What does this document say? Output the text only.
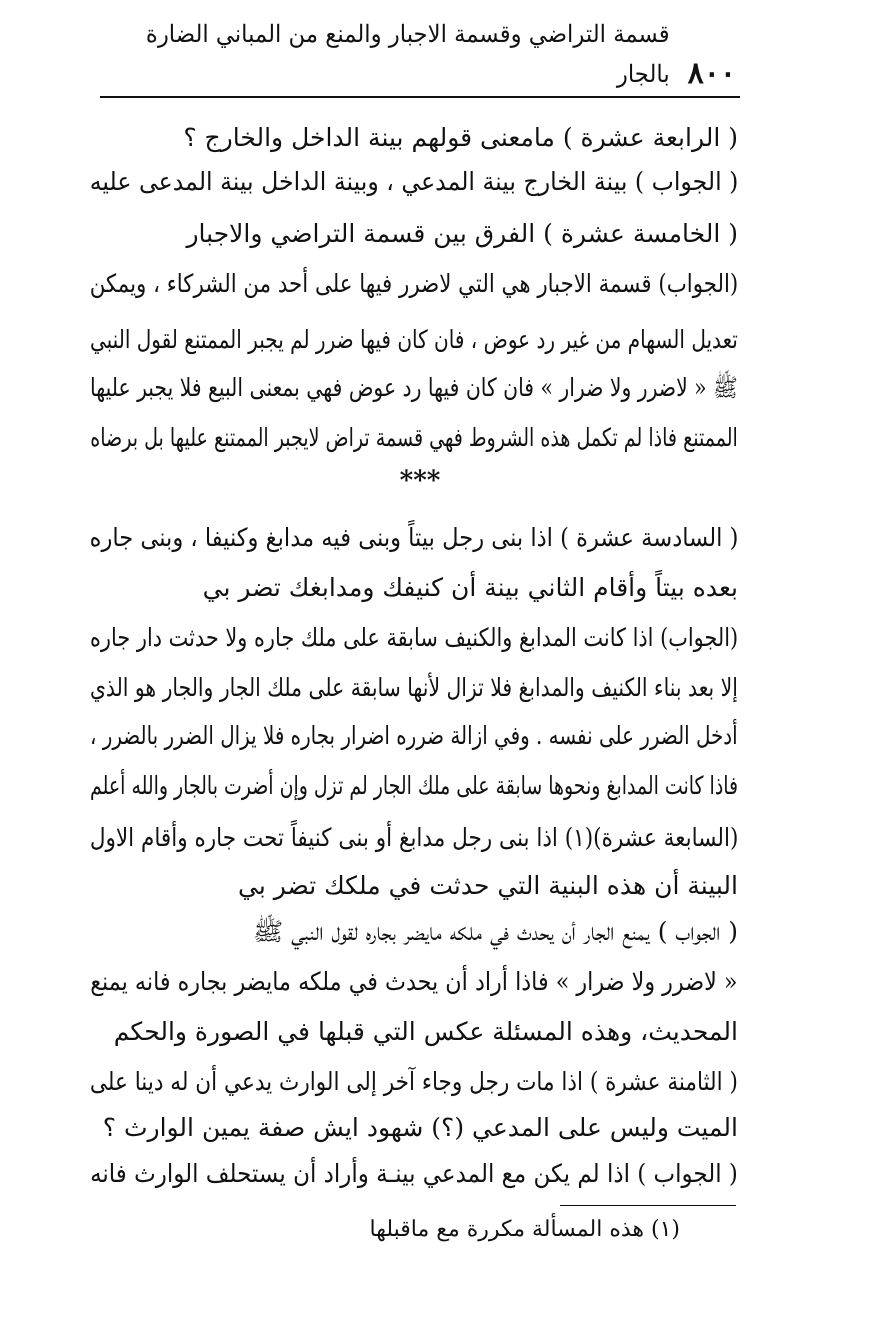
٨٠٠
قسمة التراضي وقسمة الاجبار والمنع من المباني الضارة بالجار
( الرابعة عشرة ) مامعنى قولهم بينة الداخل والخارج ؟
( الجواب ) بينة الخارج بينة المدعي ، وبينة الداخل بينة المدعى عليه
( الخامسة عشرة ) الفرق بين قسمة التراضي والاجبار
(الجواب) قسمة الاجبار هي التي لاضرر فيها على أحد من الشركاء ، ويمكن
تعديل السهام من غير رد عوض ، فان كان فيها ضرر لم يجبر الممتنع لقول النبي
ﷺ « لاضرر ولا ضرار » فان كان فيها رد عوض فهي بمعنى البيع فلا يجبر عليها
الممتنع فاذا لم تكمل هذه الشروط فهي قسمة تراض لايجبر الممتنع عليها بل برضاه
***
( السادسة عشرة ) اذا بنى رجل بيتاً وبنى فيه مدابغ وكنيفا ، وبنى جاره
بعده بيتاً وأقام الثاني بينة أن كنيفك ومدابغك تضر بي
(الجواب) اذا كانت المدابغ والكنيف سابقة على ملك جاره ولا حدثت دار جاره
إلا بعد بناء الكنيف والمدابغ فلا تزال لأنها سابقة على ملك الجار والجار هو الذي
أدخل الضرر على نفسه . وفي ازالة ضرره اضرار بجاره فلا يزال الضرر بالضرر ،
فاذا كانت المدابغ ونحوها سابقة على ملك الجار لم تزل وإن أضرت بالجار والله أعلم
(السابعة عشرة)(١) اذا بنى رجل مدابغ أو بنى كنيفاً تحت جاره وأقام الاول
البينة أن هذه البنية التي حدثت في ملكك تضر بي
( الجواب ) يمنع الجار أن يحدث في ملكه مايضر بجاره لقول النبي ﷺ
« لاضرر ولا ضرار » فاذا أراد أن يحدث في ملكه مايضر بجاره فانه يمنع
المحديث، وهذه المسئلة عكس التي قبلها في الصورة والحكم
( الثامنة عشرة ) اذا مات رجل وجاء آخر إلى الوارث يدعي أن له دينا على
الميت وليس على المدعي (؟) شهود ايش صفة يمين الوارث ؟
( الجواب ) اذا لم يكن مع المدعي بينـة وأراد أن يستحلف الوارث فانه
(١) هذه المسألة مكررة مع ماقبلها
